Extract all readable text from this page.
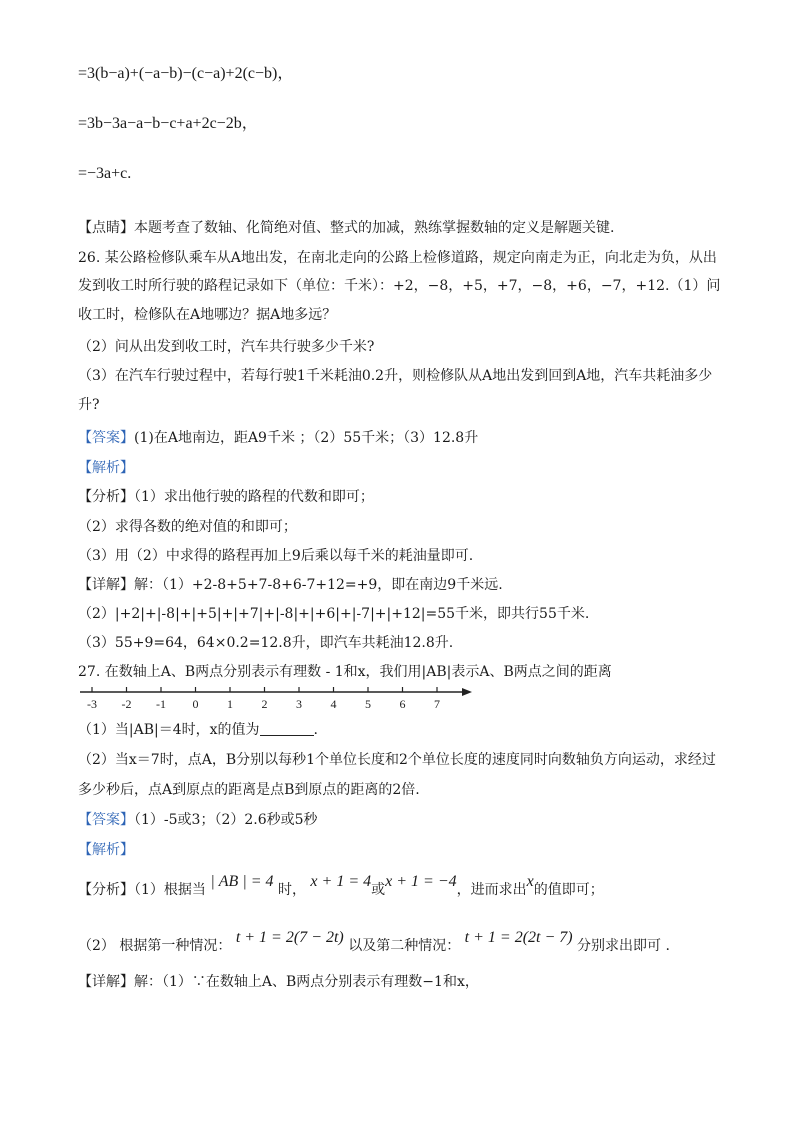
=3(b−a)+(−a−b)−(c−a)+2(c−b)，
=3b−3a−a−b−c+a+2c−2b，
=−3a+c.
【点睛】本题考查了数轴、化简绝对值、整式的加减，熟练掌握数轴的定义是解题关键.
26. 某公路检修队乘车从A地出发，在南北走向的公路上检修道路，规定向南走为正，向北走为负，从出
发到收工时所行驶的路程记录如下（单位：千米）：+2，−8，+5，+7，−8，+6，−7，+12.（1）问
收工时，检修队在A地哪边？据A地多远？
（2）问从出发到收工时，汽车共行驶多少千米?
（3）在汽车行驶过程中，若每行驶1千米耗油0.2升，则检修队从A地出发到回到A地，汽车共耗油多少
升?
【答案】(1)在A地南边，距A9千米 ；（2）55千米；（3）12.8升
【解析】
【分析】（1）求出他行驶的路程的代数和即可；
（2）求得各数的绝对值的和即可；
（3）用（2）中求得的路程再加上9后乘以每千米的耗油量即可.
【详解】解：（1）+2-8+5+7-8+6-7+12=+9，即在南边9千米远.
（2）|+2|+|-8|+|+5|+|+7|+|-8|+|+6|+|-7|+|+12|=55千米，即共行55千米.
（3）55+9=64，64×0.2=12.8升，即汽车共耗油12.8升.
27. 在数轴上A、B两点分别表示有理数 - 1和x，我们用|AB|表示A、B两点之间的距离
-3 -2 -1 0 1 2 3 4 5 6 7
（1）当|AB|＝4时，x的值为	.
（2）当x＝7时，点A，B分别以每秒1个单位长度和2个单位长度的速度同时向数轴负方向运动，求经过
多少秒后，点A到原点的距离是点B到原点的距离的2倍.
【答案】（1）-5或3；（2）2.6秒或5秒
【解析】
【分析】（1）根据当 | AB | = 4 时， x + 1 = 4或x + 1 = −4，进而求出x的值即可；
（2） 根据第一种情况： t + 1 = 2(7 − 2t) 以及第二种情况： t + 1 = 2(2t − 7) 分别求出即可 .
【详解】解：（1）∵在数轴上A、B两点分别表示有理数−1和x，
